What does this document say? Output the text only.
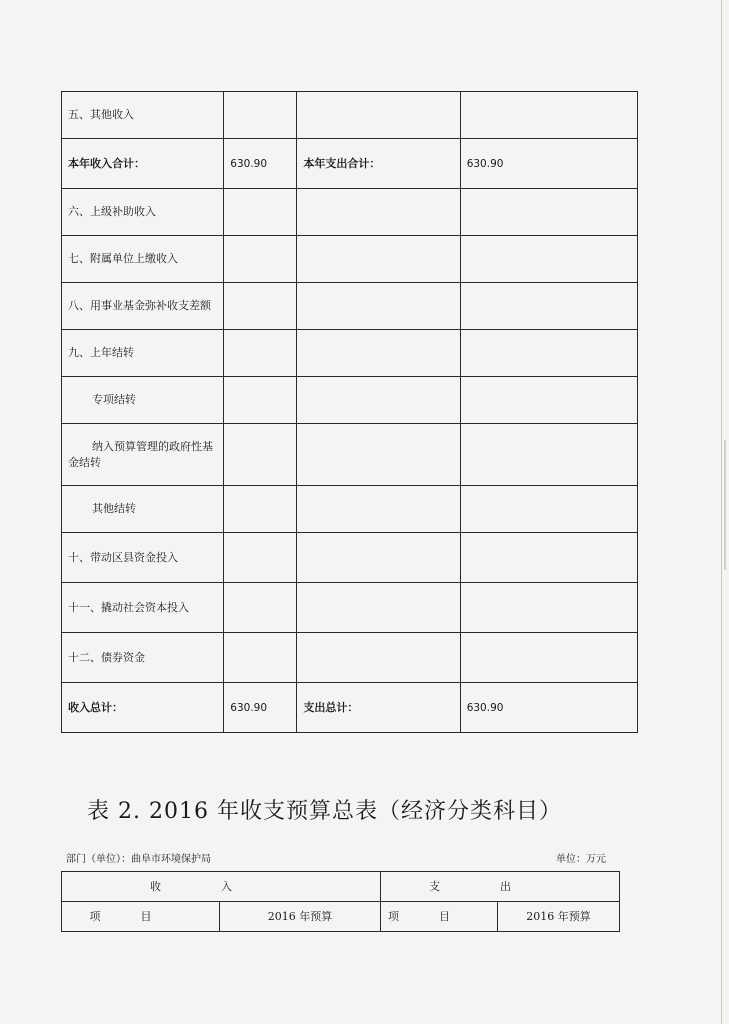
五、其他收入			
本年收入合计：	630.90	本年支出合计：	630.90
六、上级补助收入			
七、附属单位上缴收入			
八、用事业基金弥补收支差额			
九、上年结转			
专项结转			
纳入预算管理的政府性基金结转			
其他结转			
十、带动区县资金投入			
十一、撬动社会资本投入			
十二、债券资金			
收入总计：	630.90	支出总计：	630.90
表 2. 2016 年收支预算总表（经济分类科目）
部门（单位）：曲阜市环境保护局	单位：万元
收入		支出	
项目	2016 年预算	项目	2016 年预算
